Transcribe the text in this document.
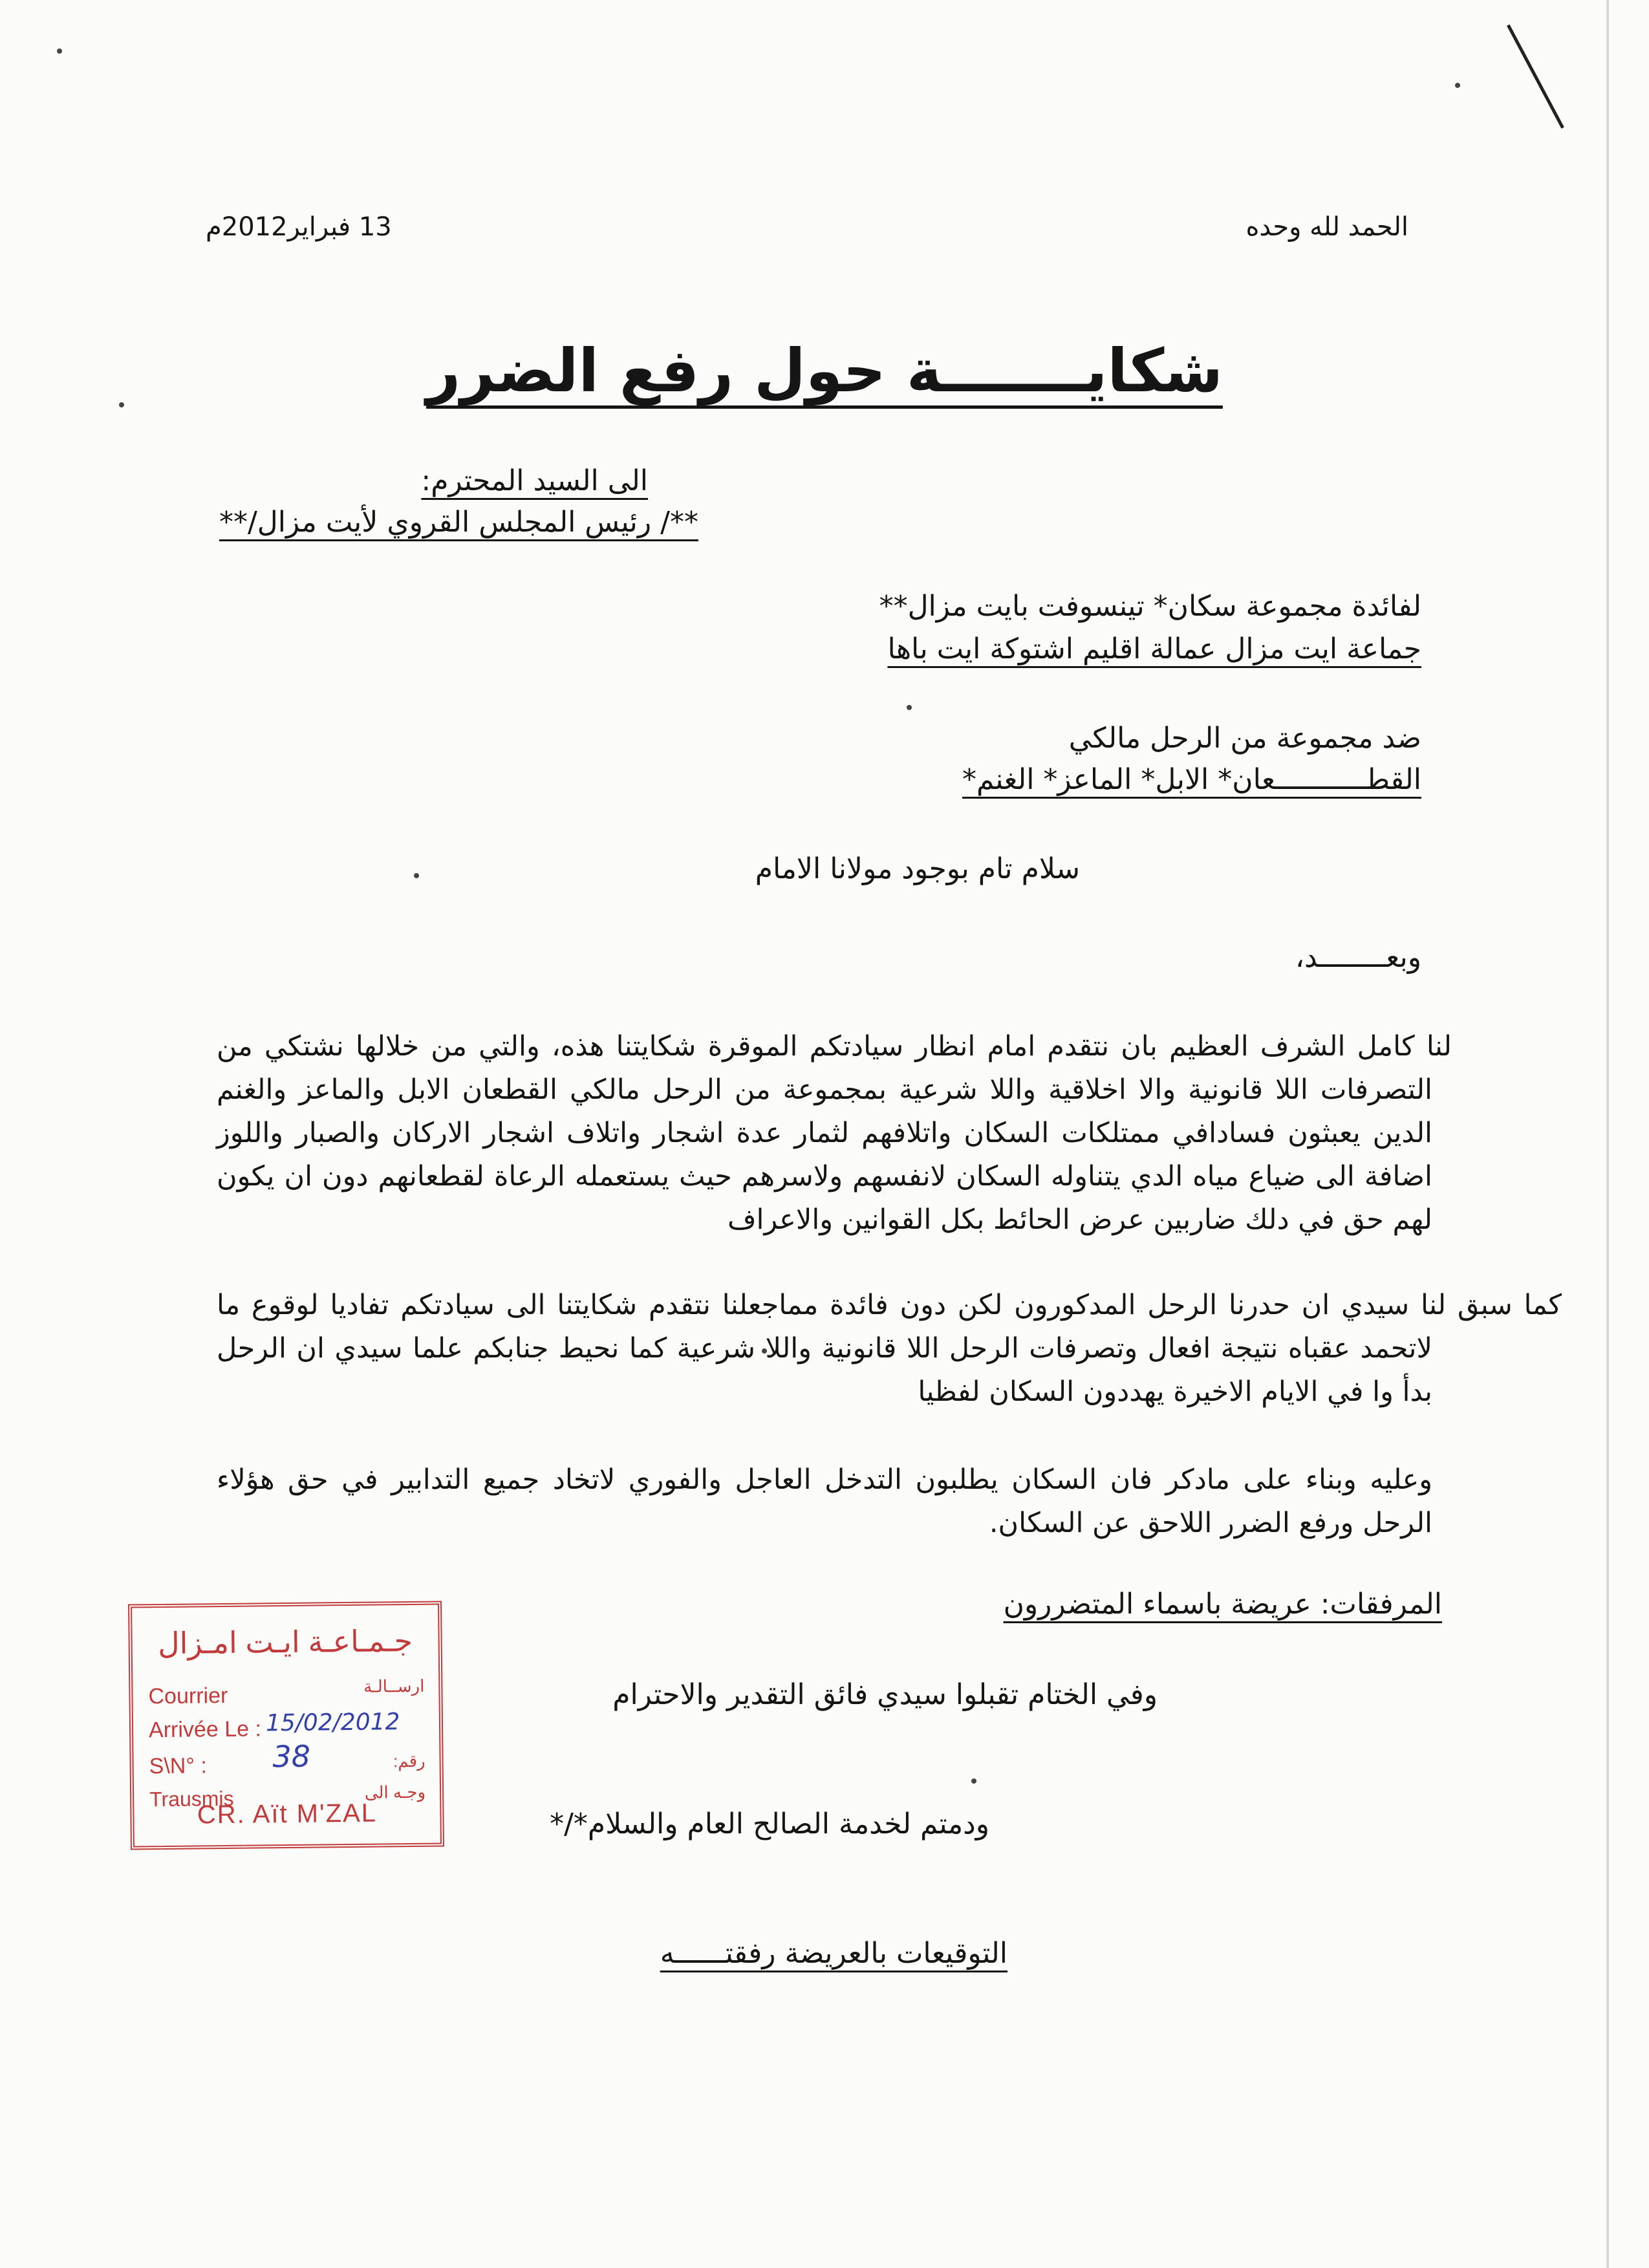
الحمد لله وحده
13 فبراير2012م
شكايـــــــة حول رفع الضرر
الى السيد المحترم:
**/ رئيس المجلس القروي لأيت مزال/**
لفائدة مجموعة سكان* تينسوفت بايت مزال**
جماعة ايت مزال عمالة اقليم اشتوكة ايت باها
ضد مجموعة من الرحل مالكي
القطـــــــــــعان* الابل* الماعز* الغنم*
سلام تام بوجود مولانا الامام
وبعــــــــد،
لنا كامل الشرف العظيم بان نتقدم امام انظار سيادتكم الموقرة شكايتنا هذه، والتي من خلالها نشتكي من التصرفات اللا قانونية والا اخلاقية واللا شرعية بمجموعة من الرحل مالكي القطعان الابل والماعز والغنم الدين يعبثون فسادافي ممتلكات السكان واتلافهم لثمار عدة اشجار واتلاف اشجار الاركان والصبار واللوز اضافة الى ضياع مياه الدي يتناوله السكان لانفسهم ولاسرهم حيث يستعمله الرعاة لقطعانهم دون ان يكون لهم حق في دلك ضاربين عرض الحائط بكل القوانين والاعراف
كما سبق لنا سيدي ان حدرنا الرحل المدكورون لكن دون فائدة مماجعلنا نتقدم شكايتنا الى سيادتكم تفاديا لوقوع ما لاتحمد عقباه نتيجة افعال وتصرفات الرحل اللا قانونية واللا شرعية كما نحيط جنابكم علما سيدي ان الرحل بدأ وا في الايام الاخيرة يهددون السكان لفظيا
وعليه وبناء على مادكر فان السكان يطلبون التدخل العاجل والفوري لاتخاد جميع التدابير في حق هؤلاء الرحل ورفع الضرر اللاحق عن السكان.
المرفقات: عريضة باسماء المتضررون
وفي الختام تقبلوا سيدي فائق التقدير والاحترام
ودمتم لخدمة الصالح العام والسلام*/*
التوقيعات بالعريضة رفقتــــــه
جـمـاعـة ايـت امـزال
Courrier	ارســالـة
Arrivée Le : 15/02/2012
S\N° :	رقم:
38
Trausmis	وجـه الى
CR. Aït M'ZAL
